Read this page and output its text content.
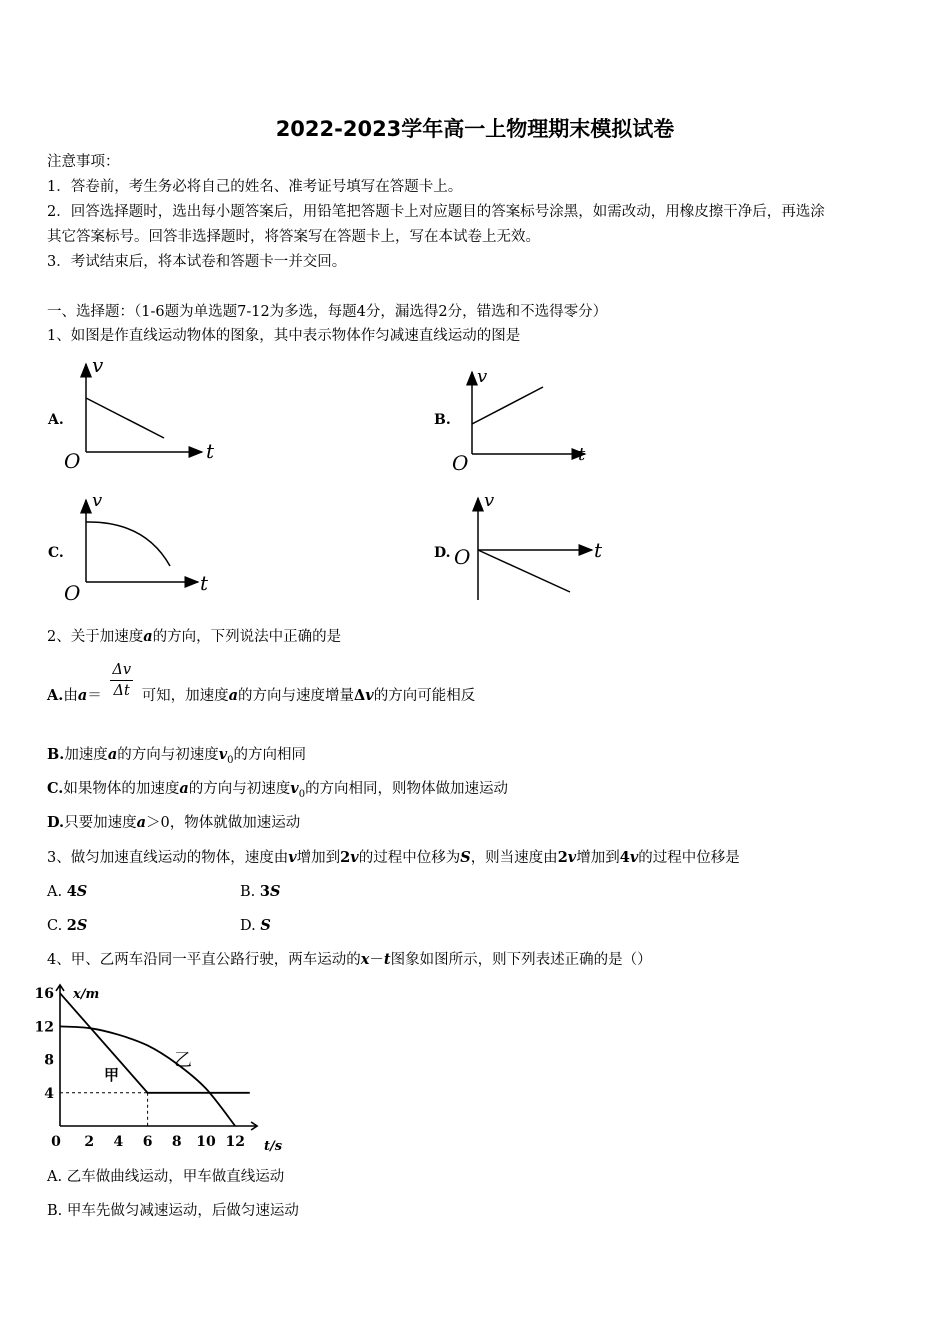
2022-2023学年高一上物理期末模拟试卷
注意事项：
1．答卷前，考生务必将自己的姓名、准考证号填写在答题卡上。
2．回答选择题时，选出每小题答案后，用铅笔把答题卡上对应题目的答案标号涂黑，如需改动，用橡皮擦干净后，再选涂
其它答案标号。回答非选择题时，将答案写在答题卡上，写在本试卷上无效。
3．考试结束后，将本试卷和答题卡一并交回。
一、选择题：（1-6题为单选题7-12为多选，每题4分，漏选得2分，错选和不选得零分）
1、如图是作直线运动物体的图象，其中表示物体作匀减速直线运动的图是
A.
v
t
O
B.
v
t
O
C.
v
t
O
D.
v
t
O
2、关于加速度a的方向，下列说法中正确的是
A.由$a= \frac{\Delta v}{\Delta t}$ 可知，加速度a的方向与速度增量Δv的方向可能相反
B.加速度a的方向与初速度$v_0$的方向相同
C.如果物体的加速度a的方向与初速度$v_0$的方向相同，则物体做加速运动
D.只要加速度a＞0，物体就做加速运动
3、做匀加速直线运动的物体，速度由v增加到2v的过程中位移为S，则当速度由2v增加到4v的过程中位移是
A. 4S	B. 3S
C. 2S	D. S
4、甲、乙两车沿同一平直公路行驶，两车运动的x－t图象如图所示，则下列表述正确的是（）
0 2 4 6 8 10 12
4
8
12
16 x/m
t/s
甲
乙
A. 乙车做曲线运动，甲车做直线运动
B. 甲车先做匀减速运动，后做匀速运动
